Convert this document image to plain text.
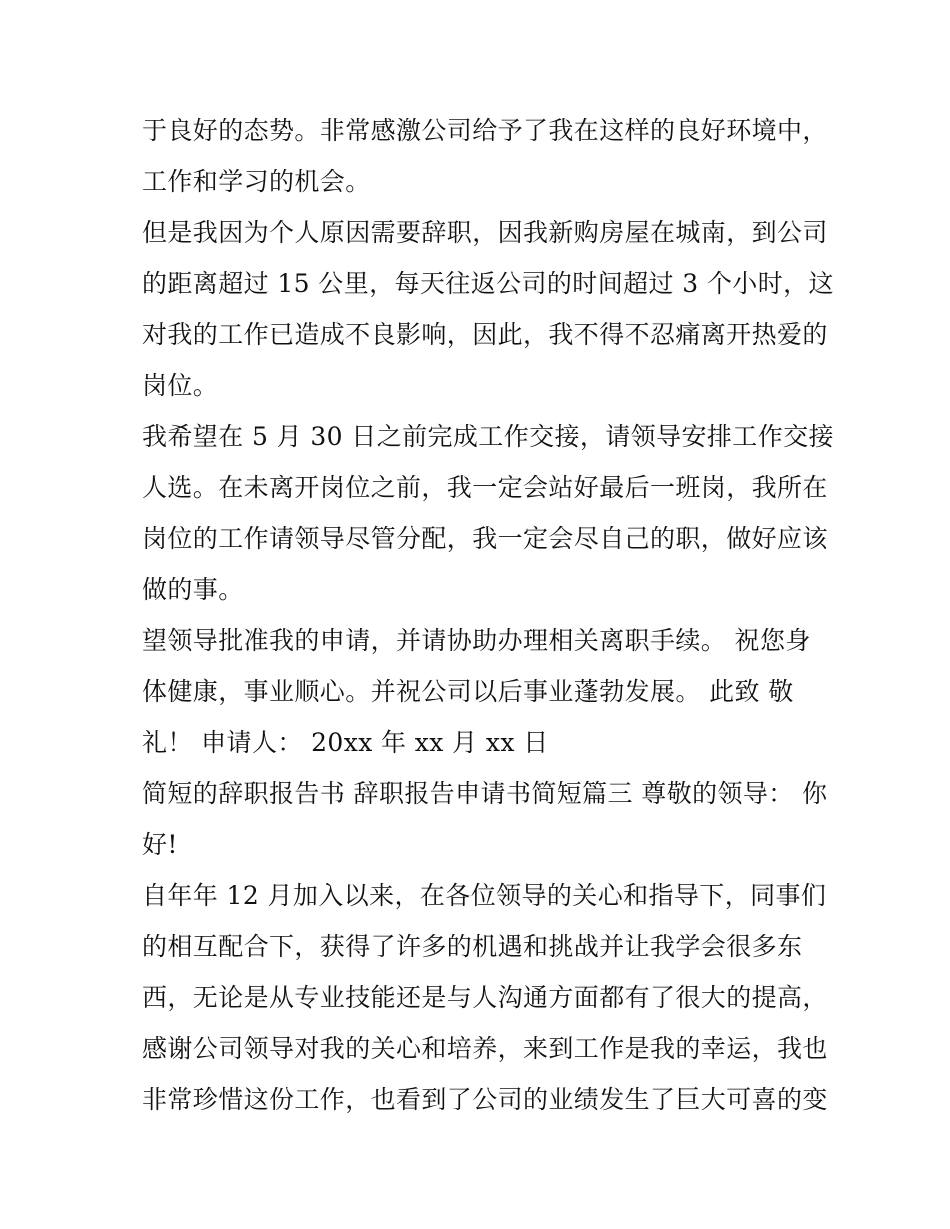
于良好的态势。非常感激公司给予了我在这样的良好环境中，
工作和学习的机会。
但是我因为个人原因需要辞职，因我新购房屋在城南，到公司
的距离超过 15 公里，每天往返公司的时间超过 3 个小时，这
对我的工作已造成不良影响，因此，我不得不忍痛离开热爱的
岗位。
我希望在 5 月 30 日之前完成工作交接，请领导安排工作交接
人选。在未离开岗位之前，我一定会站好最后一班岗，我所在
岗位的工作请领导尽管分配，我一定会尽自己的职，做好应该
做的事。
望领导批准我的申请，并请协助办理相关离职手续。 祝您身
体健康，事业顺心。并祝公司以后事业蓬勃发展。 此致 敬
礼！ 申请人： 20xx 年 xx 月 xx 日
简短的辞职报告书 辞职报告申请书简短篇三 尊敬的领导： 你
好!
自年年 12 月加入以来，在各位领导的关心和指导下，同事们
的相互配合下，获得了许多的机遇和挑战并让我学会很多东
西，无论是从专业技能还是与人沟通方面都有了很大的提高，
感谢公司领导对我的关心和培养，来到工作是我的幸运，我也
非常珍惜这份工作，也看到了公司的业绩发生了巨大可喜的变
